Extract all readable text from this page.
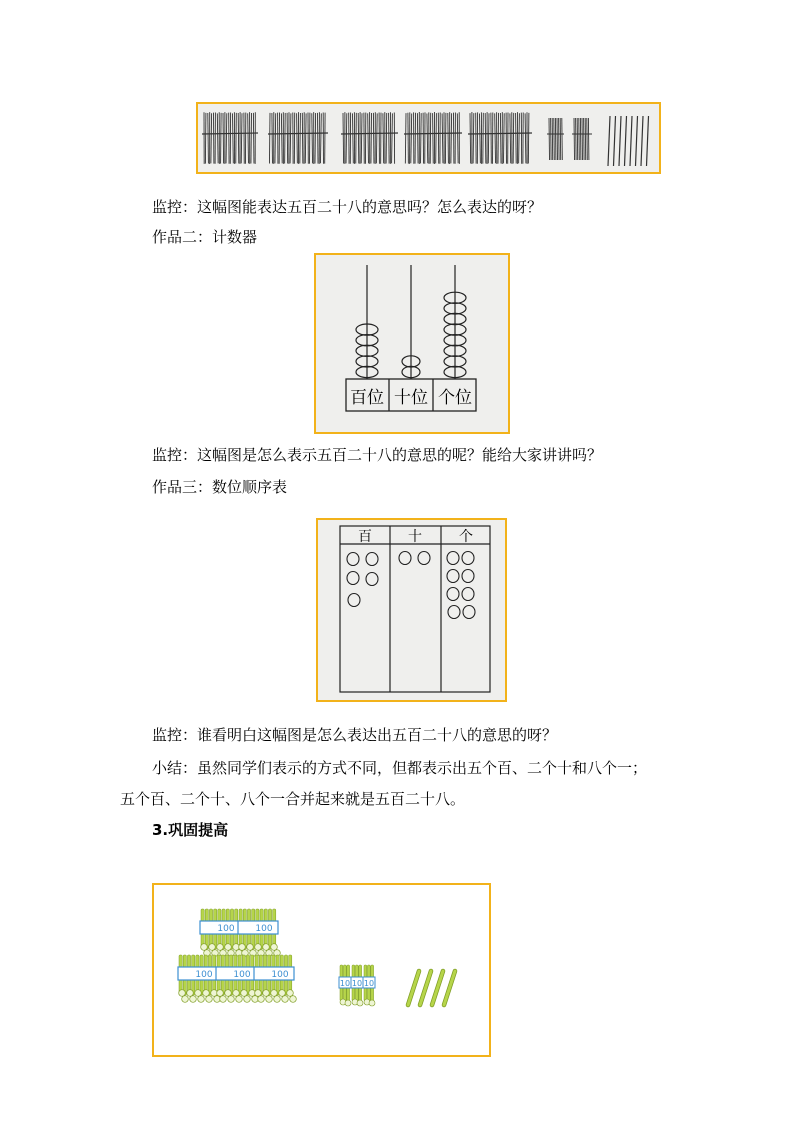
监控：这幅图能表达五百二十八的意思吗？怎么表达的呀？
作品二：计数器
百位 十位 个位
监控：这幅图是怎么表示五百二十八的意思的呢？能给大家讲讲吗？
作品三：数位顺序表
百	十	个
监控：谁看明白这幅图是怎么表达出五百二十八的意思的呀？
小结：虽然同学们表示的方式不同，但都表示出五个百、二个十和八个一；
五个百、二个十、八个一合并起来就是五百二十八。
3.巩固提高
100 100
100 100 100
10 10 10
